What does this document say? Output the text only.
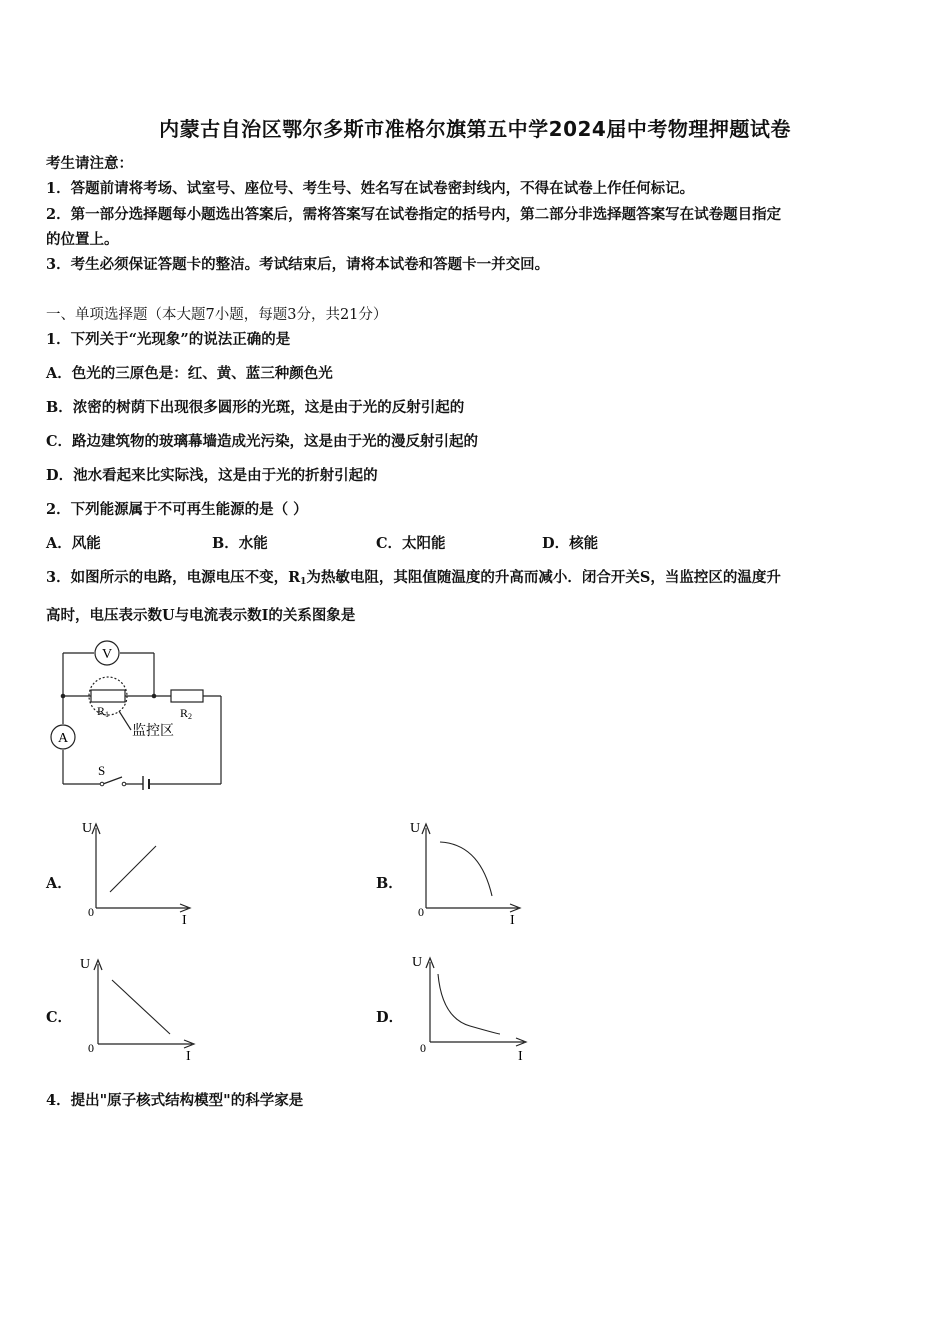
内蒙古自治区鄂尔多斯市准格尔旗第五中学2024届中考物理押题试卷
考生请注意：
1．答题前请将考场、试室号、座位号、考生号、姓名写在试卷密封线内，不得在试卷上作任何标记。
2．第一部分选择题每小题选出答案后，需将答案写在试卷指定的括号内，第二部分非选择题答案写在试卷题目指定
的位置上。
3．考生必须保证答题卡的整洁。考试结束后，请将本试卷和答题卡一并交回。
一、单项选择题（本大题7小题，每题3分，共21分）
1．下列关于“光现象”的说法正确的是
A．色光的三原色是：红、黄、蓝三种颜色光
B．浓密的树荫下出现很多圆形的光斑，这是由于光的反射引起的
C．路边建筑物的玻璃幕墙造成光污染，这是由于光的漫反射引起的
D．池水看起来比实际浅，这是由于光的折射引起的
2．下列能源属于不可再生能源的是（ ）
A．风能	B．水能	C．太阳能	D．核能
3．如图所示的电路，电源电压不变，$R_1$为热敏电阻，其阻值随温度的升高而减小．闭合开关S，当监控区的温度升
高时，电压表示数U与电流表示数I的关系图象是
V
A
R1	R2
监控区
S
A．
U
0
I
B．
U
0
I
C．
U
0
I
D．
U
0
I
4．提出"原子核式结构模型"的科学家是
